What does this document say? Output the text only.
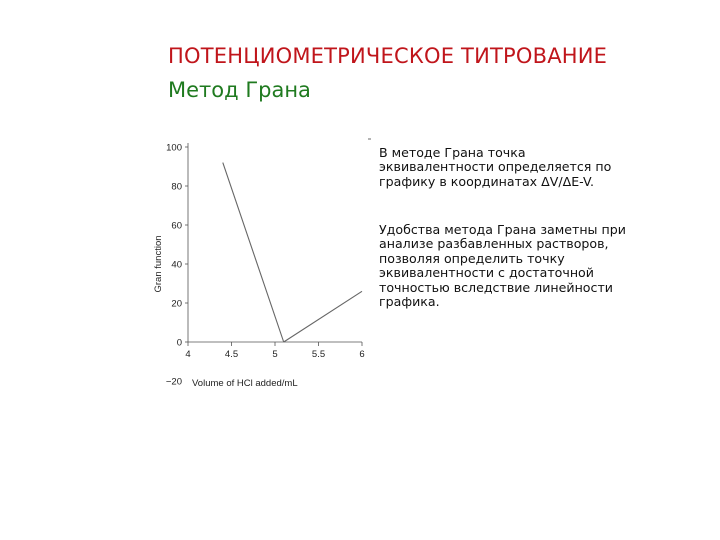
ПОТЕНЦИОМЕТРИЧЕСКОЕ ТИТРОВАНИЕ
Метод Грана
100
80
60
40
20
0
−20
4	4.5	5	5.5	6
Volume of HCl added/mL
Gran function
В методе Грана точка
эквивалентности определяется по
графику в координатах ΔV/ΔE-V.
Удобства метода Грана заметны при
анализе разбавленных растворов,
позволяя определить точку
эквивалентности с достаточной
точностью вследствие линейности
графика.
